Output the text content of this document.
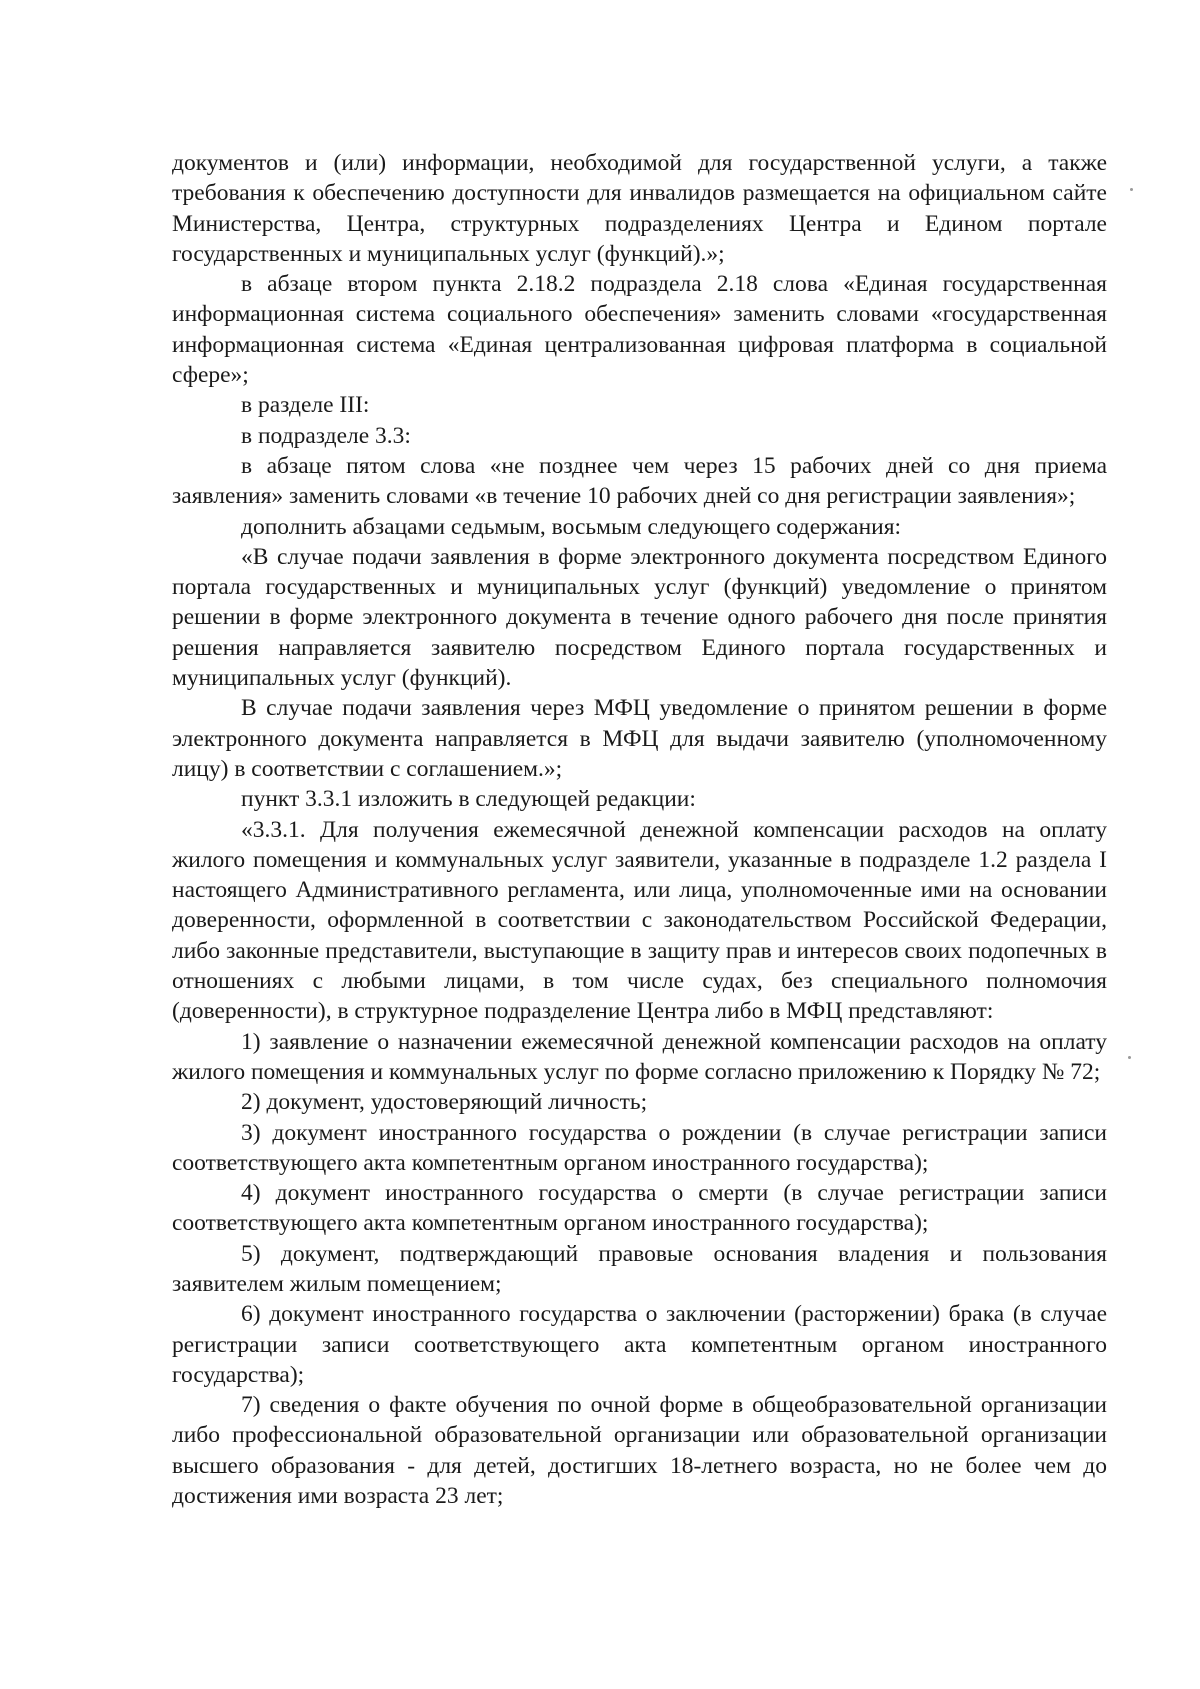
документов и (или) информации, необходимой для государственной услуги, а также требования к обеспечению доступности для инвалидов размещается на официальном сайте Министерства, Центра, структурных подразделениях Центра и Едином портале государственных и муниципальных услуг (функций).»;

в абзаце втором пункта 2.18.2 подраздела 2.18 слова «Единая государственная информационная система социального обеспечения» заменить словами «государственная информационная система «Единая централизованная цифровая платформа в социальной сфере»;

в разделе III:

в подразделе 3.3:

в абзаце пятом слова «не позднее чем через 15 рабочих дней со дня приема заявления» заменить словами «в течение 10 рабочих дней со дня регистрации заявления»;

дополнить абзацами седьмым, восьмым следующего содержания:

«В случае подачи заявления в форме электронного документа посредством Единого портала государственных и муниципальных услуг (функций) уведомление о принятом решении в форме электронного документа в течение одного рабочего дня после принятия решения направляется заявителю посредством Единого портала государственных и муниципальных услуг (функций).

В случае подачи заявления через МФЦ уведомление о принятом решении в форме электронного документа направляется в МФЦ для выдачи заявителю (уполномоченному лицу) в соответствии с соглашением.»;

пункт 3.3.1 изложить в следующей редакции:

«3.3.1. Для получения ежемесячной денежной компенсации расходов на оплату жилого помещения и коммунальных услуг заявители, указанные в подразделе 1.2 раздела I настоящего Административного регламента, или лица, уполномоченные ими на основании доверенности, оформленной в соответствии с законодательством Российской Федерации, либо законные представители, выступающие в защиту прав и интересов своих подопечных в отношениях с любыми лицами, в том числе судах, без специального полномочия (доверенности), в структурное подразделение Центра либо в МФЦ представляют:

1) заявление о назначении ежемесячной денежной компенсации расходов на оплату жилого помещения и коммунальных услуг по форме согласно приложению к Порядку № 72;

2) документ, удостоверяющий личность;

3) документ иностранного государства о рождении (в случае регистрации записи соответствующего акта компетентным органом иностранного государства);

4) документ иностранного государства о смерти (в случае регистрации записи соответствующего акта компетентным органом иностранного государства);

5) документ, подтверждающий правовые основания владения и пользования заявителем жилым помещением;

6) документ иностранного государства о заключении (расторжении) брака (в случае регистрации записи соответствующего акта компетентным органом иностранного государства);

7) сведения о факте обучения по очной форме в общеобразовательной организации либо профессиональной образовательной организации или образовательной организации высшего образования - для детей, достигших 18-летнего возраста, но не более чем до достижения ими возраста 23 лет;
